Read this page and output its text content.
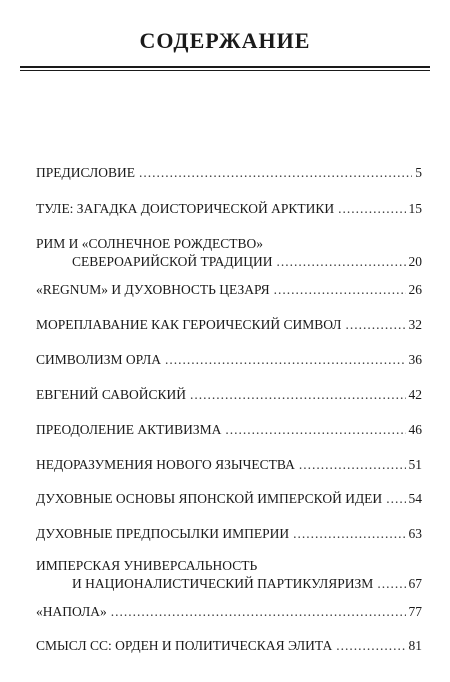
СОДЕРЖАНИЕ
ПРЕДИСЛОВИЕ .....	5
ТУЛЕ: ЗАГАДКА ДОИСТОРИЧЕСКОЙ АРКТИКИ .....	15
РИМ И «СОЛНЕЧНОЕ РОЖДЕСТВО»
СЕВЕРОАРИЙСКОЙ ТРАДИЦИИ .....	20
«REGNUM» И ДУХОВНОСТЬ ЦЕЗАРЯ .....	26
МОРЕПЛАВАНИЕ КАК ГЕРОИЧЕСКИЙ СИМВОЛ .....	32
СИМВОЛИЗМ ОРЛА .....	36
ЕВГЕНИЙ САВОЙСКИЙ .....	42
ПРЕОДОЛЕНИЕ АКТИВИЗМА .....	46
НЕДОРАЗУМЕНИЯ НОВОГО ЯЗЫЧЕСТВА .....	51
ДУХОВНЫЕ ОСНОВЫ ЯПОНСКОЙ ИМПЕРСКОЙ ИДЕИ ..... 54
ДУХОВНЫЕ ПРЕДПОСЫЛКИ ИМПЕРИИ .....	63
ИМПЕРСКАЯ УНИВЕРСАЛЬНОСТЬ
И НАЦИОНАЛИСТИЧЕСКИЙ ПАРТИКУЛЯРИЗМ .....	67
«НАПОЛА» .....	77
СМЫСЛ СС: ОРДЕН И ПОЛИТИЧЕСКАЯ ЭЛИТА .....	81
